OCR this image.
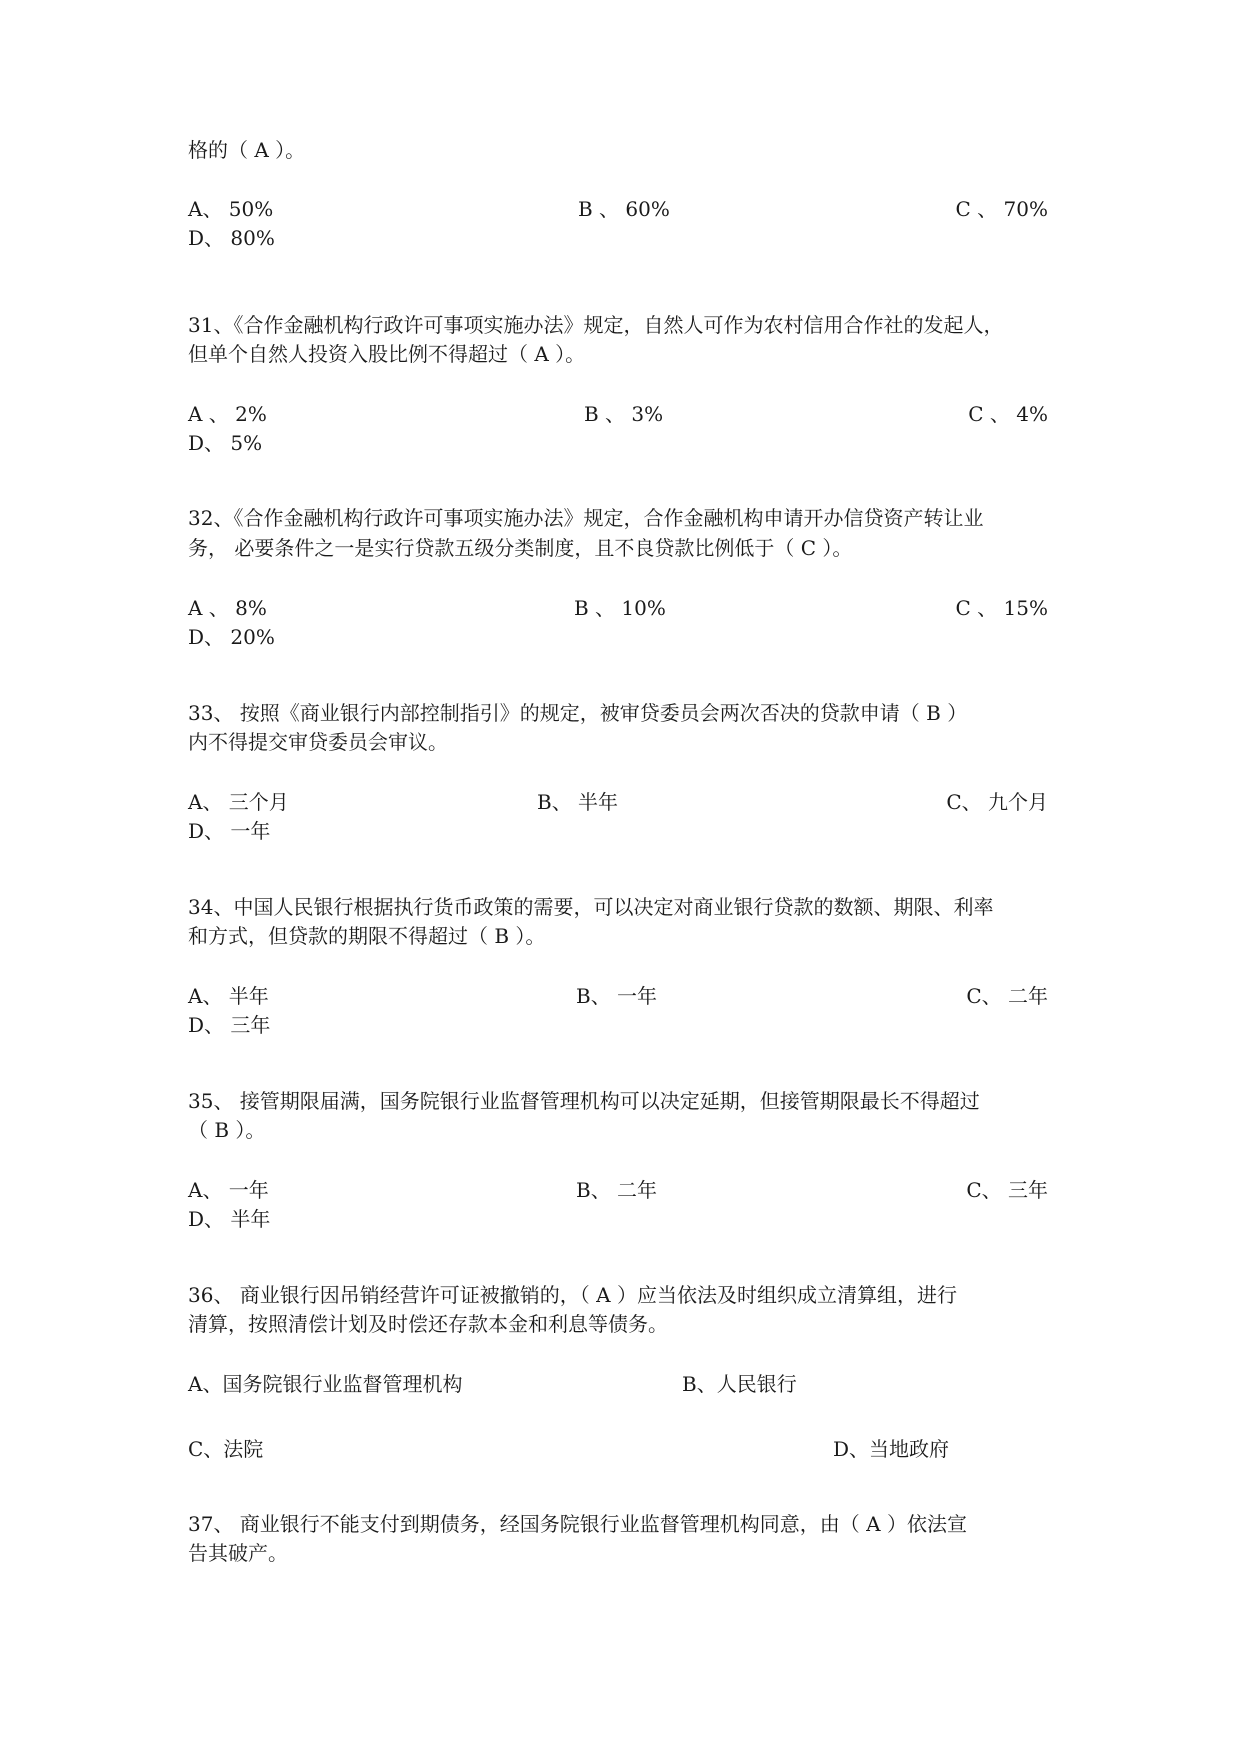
格的（ A ）。
A、 50%	B 、 60%	C 、 70%
D、 80%
31、《合作金融机构行政许可事项实施办法》规定，自然人可作为农村信用合作社的发起人，
但单个自然人投资入股比例不得超过（ A ）。
A 、 2%	B 、 3%	C 、 4%
D、 5%
32、《合作金融机构行政许可事项实施办法》规定，合作金融机构申请开办信贷资产转让业
务， 必要条件之一是实行贷款五级分类制度，且不良贷款比例低于（ C ）。
A 、 8%	B 、 10%	C 、 15%
D、 20%
33、 按照《商业银行内部控制指引》的规定，被审贷委员会两次否决的贷款申请（ B ）
内不得提交审贷委员会审议。
A、 三个月	B、 半年	C、 九个月
D、 一年
34、中国人民银行根据执行货币政策的需要，可以决定对商业银行贷款的数额、期限、利率
和方式，但贷款的期限不得超过（ B ）。
A、 半年	B、 一年	C、 二年
D、 三年
35、 接管期限届满，国务院银行业监督管理机构可以决定延期，但接管期限最长不得超过
（ B ）。
A、 一年	B、 二年	C、 三年
D、 半年
36、 商业银行因吊销经营许可证被撤销的，（ A ）应当依法及时组织成立清算组，进行
清算，按照清偿计划及时偿还存款本金和利息等债务。
A、国务院银行业监督管理机构	B、人民银行
C、法院	D、当地政府
37、 商业银行不能支付到期债务，经国务院银行业监督管理机构同意，由（ A ）依法宣
告其破产。
